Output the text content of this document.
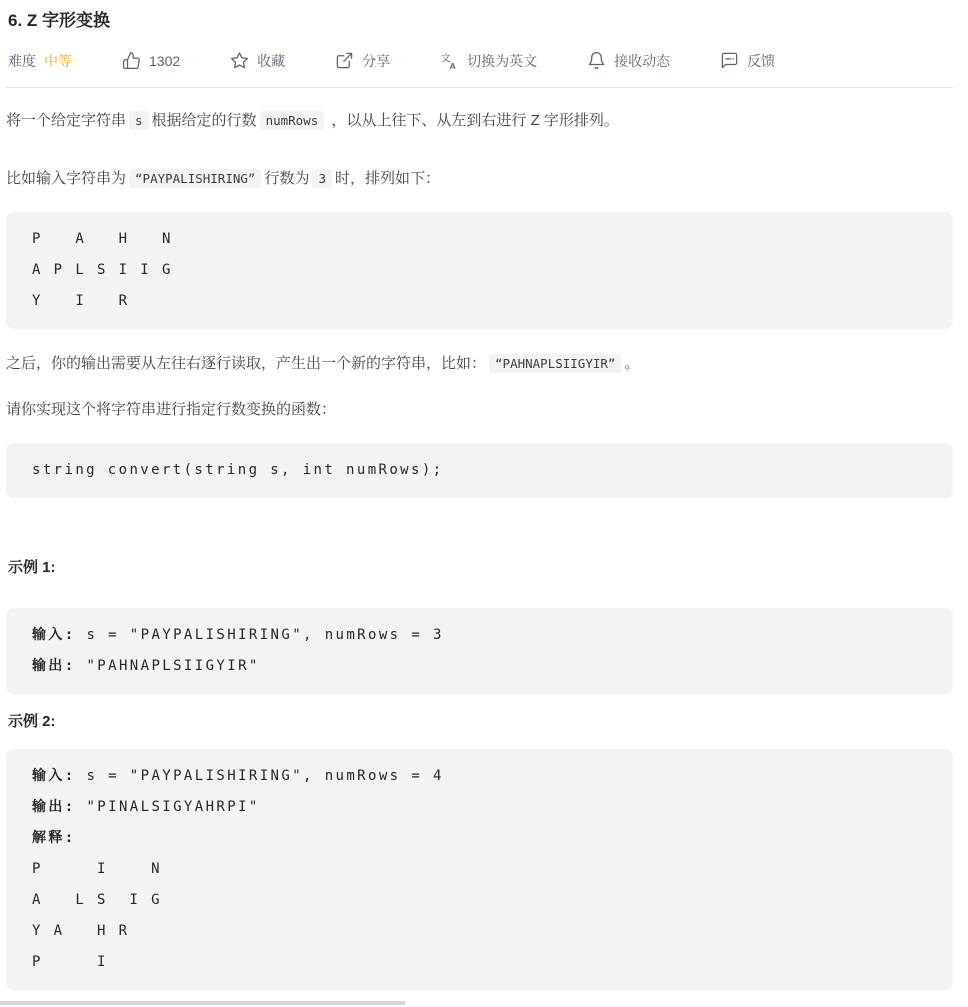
6. Z 字形变换
难度 中等	1302	收藏	分享	文
A 切换为英文	接收动态	反馈

将一个给定字符串 s 根据给定的行数 numRows ，以从上往下、从左到右进行 Z 字形排列。

比如输入字符串为 “PAYPALISHIRING” 行数为 3 时，排列如下：

P   A   H   N
A P L S I I G
Y   I   R

之后，你的输出需要从左往右逐行读取，产生出一个新的字符串，比如： “PAHNAPLSIIGYIR” 。

请你实现这个将字符串进行指定行数变换的函数：

string convert(string s, int numRows);
示例 1:
输入: s = "PAYPALISHIRING", numRows = 3
输出: "PAHNAPLSIIGYIR"
示例 2:
输入: s = "PAYPALISHIRING", numRows = 4
输出: "PINALSIGYAHRPI"
解释:
P     I    N
A   L S  I G
Y A   H R
P     I
